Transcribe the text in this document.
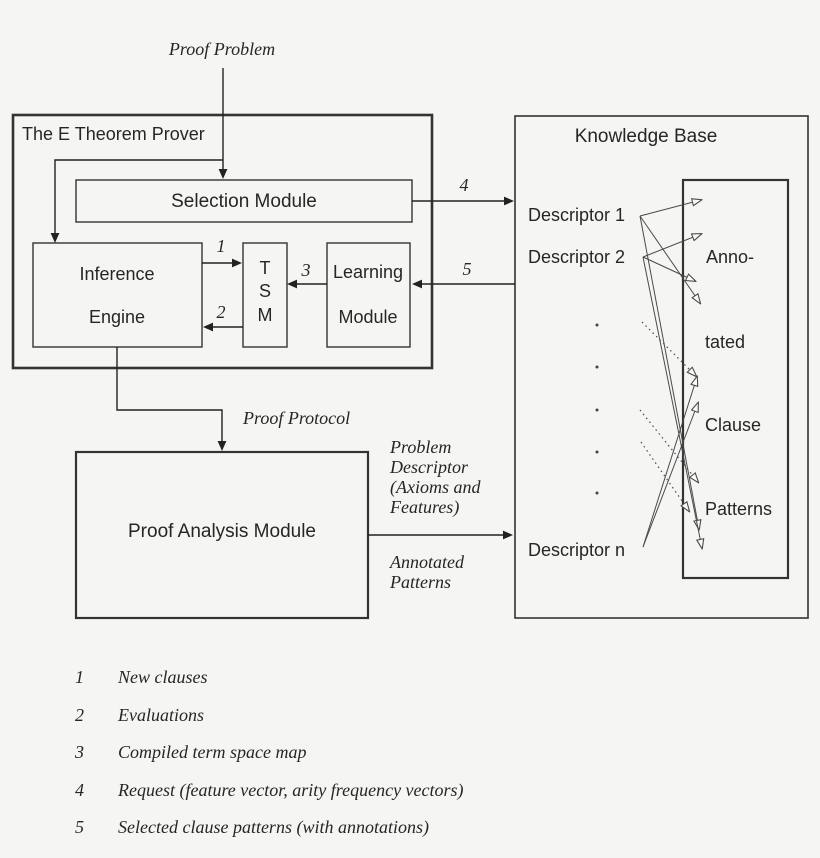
The E Theorem Prover
Selection Module
Inference
Engine
T
S
M
Learning
Module
Knowledge Base
Anno-
tated
Clause
Patterns
Descriptor 1
Descriptor 2
Descriptor n
Proof Analysis Module
1
2
3
4
5
Proof Problem
Proof Protocol
Problem
Descriptor
(Axioms and
Features)
Annotated
Patterns
1 New clauses
2 Evaluations
3 Compiled term space map
4 Request (feature vector, arity frequency vectors)
5 Selected clause patterns (with annotations)
